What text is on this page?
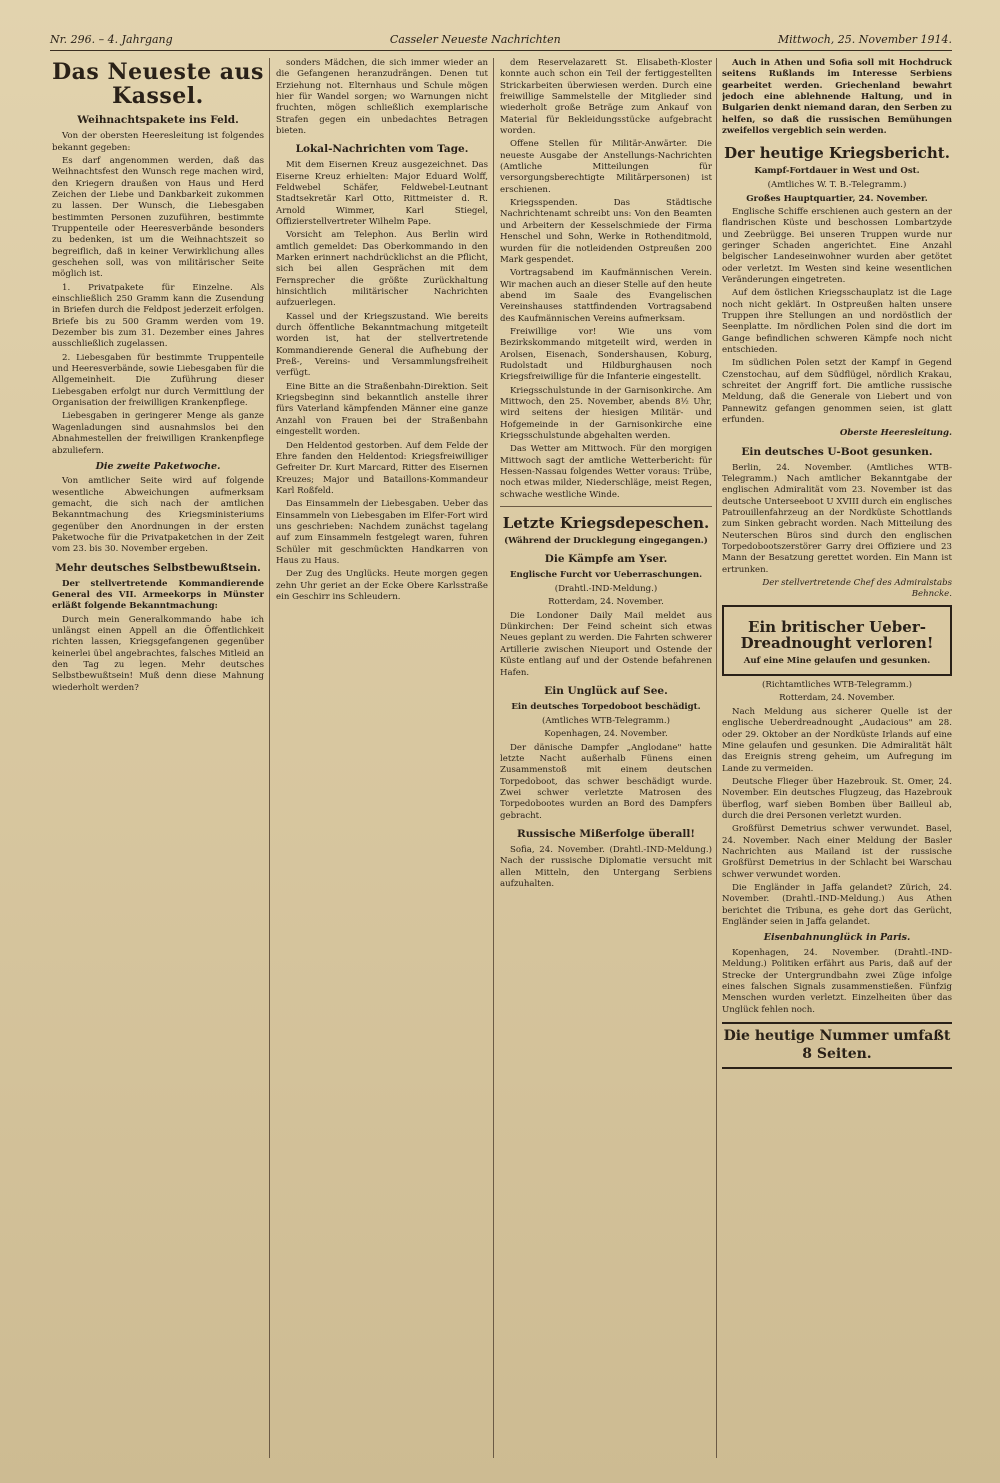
Nr. 296. – 4. Jahrgang	Casseler Neueste Nachrichten	Mittwoch, 25. November 1914.
Das Neueste aus Kassel.
Weihnachtspakete ins Feld.

Von der obersten Heeresleitung ist folgendes bekannt gegeben:

Es darf angenommen werden, daß das Weihnachtsfest den Wunsch rege machen wird, den Kriegern draußen von Haus und Herd Zeichen der Liebe und Dankbarkeit zukommen zu lassen. Der Wunsch, die Liebesgaben bestimmten Personen zuzuführen, bestimmte Truppenteile oder Heeresverbände besonders zu bedenken, ist um die Weihnachtszeit so begreiflich, daß in keiner Verwirklichung alles geschehen soll, was von militärischer Seite möglich ist.

1. Privatpakete für Einzelne. Als einschließlich 250 Gramm kann die Zusendung in Briefen durch die Feldpost jederzeit erfolgen. Briefe bis zu 500 Gramm werden vom 19. Dezember bis zum 31. Dezember eines Jahres ausschließlich zugelassen.

2. Liebesgaben für bestimmte Truppenteile und Heeresverbände, sowie Liebesgaben für die Allgemeinheit. Die Zuführung dieser Liebesgaben erfolgt nur durch Vermittlung der Organisation der freiwilligen Krankenpflege.

Liebesgaben in geringerer Menge als ganze Wagenladungen sind ausnahmslos bei den Abnahmestellen der freiwilligen Krankenpflege abzuliefern.

Die zweite Paketwoche.

Von amtlicher Seite wird auf folgende wesentliche Abweichungen aufmerksam gemacht, die sich nach der amtlichen Bekanntmachung des Kriegsministeriums gegenüber den Anordnungen in der ersten Paketwoche für die Privatpaketchen in der Zeit vom 23. bis 30. November ergeben.

Mehr deutsches Selbstbewußtsein.

Der stellvertretende Kommandierende General des VII. Armeekorps in Münster erläßt folgende Bekanntmachung:

Durch mein Generalkommando habe ich unlängst einen Appell an die Öffentlichkeit richten lassen, Kriegsgefangenen gegenüber keinerlei übel angebrachtes, falsches Mitleid an den Tag zu legen. Mehr deutsches Selbstbewußtsein! Muß denn diese Mahnung wiederholt werden?

sonders Mädchen, die sich immer wieder an die Gefangenen heranzudrängen. Denen tut Erziehung not. Elternhaus und Schule mögen hier für Wandel sorgen; wo Warnungen nicht fruchten, mögen schließlich exemplarische Strafen gegen ein unbedachtes Betragen bieten.

Lokal-Nachrichten vom Tage.

Mit dem Eisernen Kreuz ausgezeichnet. Das Eiserne Kreuz erhielten: Major Eduard Wolff, Feldwebel Schäfer, Feldwebel-Leutnant Stadtsekretär Karl Otto, Rittmeister d. R. Arnold Wimmer, Karl Stiegel, Offizierstellvertreter Wilhelm Pape.

Vorsicht am Telephon. Aus Berlin wird amtlich gemeldet: Das Oberkommando in den Marken erinnert nachdrücklichst an die Pflicht, sich bei allen Gesprächen mit dem Fernsprecher die größte Zurückhaltung hinsichtlich militärischer Nachrichten aufzuerlegen.

Kassel und der Kriegszustand. Wie bereits durch öffentliche Bekanntmachung mitgeteilt worden ist, hat der stellvertretende Kommandierende General die Aufhebung der Preß-, Vereins- und Versammlungsfreiheit verfügt.

Eine Bitte an die Straßenbahn-Direktion. Seit Kriegsbeginn sind bekanntlich anstelle ihrer fürs Vaterland kämpfenden Männer eine ganze Anzahl von Frauen bei der Straßenbahn eingestellt worden.

Den Heldentod gestorben. Auf dem Felde der Ehre fanden den Heldentod: Kriegsfreiwilliger Gefreiter Dr. Kurt Marcard, Ritter des Eisernen Kreuzes; Major und Bataillons-Kommandeur Karl Roßfeld.

Das Einsammeln der Liebesgaben. Ueber das Einsammeln von Liebesgaben im Elfer-Fort wird uns geschrieben: Nachdem zunächst tagelang auf zum Einsammeln festgelegt waren, fuhren Schüler mit geschmückten Handkarren von Haus zu Haus.

Der Zug des Unglücks. Heute morgen gegen zehn Uhr geriet an der Ecke Obere Karlsstraße ein Geschirr ins Schleudern.

dem Reservelazarett St. Elisabeth-Kloster konnte auch schon ein Teil der fertiggestellten Strickarbeiten überwiesen werden. Durch eine freiwillige Sammelstelle der Mitglieder sind wiederholt große Beträge zum Ankauf von Material für Bekleidungsstücke aufgebracht worden.

Offene Stellen für Militär-Anwärter. Die neueste Ausgabe der Anstellungs-Nachrichten (Amtliche Mitteilungen für versorgungsberechtigte Militärpersonen) ist erschienen.

Kriegsspenden. Das Städtische Nachrichtenamt schreibt uns: Von den Beamten und Arbeitern der Kesselschmiede der Firma Henschel und Sohn, Werke in Rothenditmold, wurden für die notleidenden Ostpreußen 200 Mark gespendet.

Vortragsabend im Kaufmännischen Verein. Wir machen auch an dieser Stelle auf den heute abend im Saale des Evangelischen Vereinshauses stattfindenden Vortragsabend des Kaufmännischen Vereins aufmerksam.

Freiwillige vor! Wie uns vom Bezirkskommando mitgeteilt wird, werden in Arolsen, Eisenach, Sondershausen, Koburg, Rudolstadt und Hildburghausen noch Kriegsfreiwillige für die Infanterie eingestellt.

Kriegsschulstunde in der Garnisonkirche. Am Mittwoch, den 25. November, abends 8½ Uhr, wird seitens der hiesigen Militär- und Hofgemeinde in der Garnisonkirche eine Kriegsschulstunde abgehalten werden.

Das Wetter am Mittwoch. Für den morgigen Mittwoch sagt der amtliche Wetterbericht: für Hessen-Nassau folgendes Wetter voraus: Trübe, noch etwas milder, Niederschläge, meist Regen, schwache westliche Winde.

Letzte Kriegsdepeschen.
(Während der Drucklegung eingegangen.)
Die Kämpfe am Yser.
Englische Furcht vor Ueberraschungen.
(Drahtl.-IND-Meldung.)
Rotterdam, 24. November.

Die Londoner Daily Mail meldet aus Dünkirchen: Der Feind scheint sich etwas Neues geplant zu werden. Die Fahrten schwerer Artillerie zwischen Nieuport und Ostende der Küste entlang auf und der Ostende befahrenen Hafen.

Ein Unglück auf See.
Ein deutsches Torpedoboot beschädigt.
(Amtliches WTB-Telegramm.)
Kopenhagen, 24. November.

Der dänische Dampfer „Anglodane" hatte letzte Nacht außerhalb Fünens einen Zusammenstoß mit einem deutschen Torpedoboot, das schwer beschädigt wurde. Zwei schwer verletzte Matrosen des Torpedobootes wurden an Bord des Dampfers gebracht.

Russische Mißerfolge überall!

Sofia, 24. November. (Drahtl.-IND-Meldung.) Nach der russische Diplomatie versucht mit allen Mitteln, den Untergang Serbiens aufzuhalten.

Auch in Athen und Sofia soll mit Hochdruck seitens Rußlands im Interesse Serbiens gearbeitet werden. Griechenland bewahrt jedoch eine ablehnende Haltung, und in Bulgarien denkt niemand daran, den Serben zu helfen, so daß die russischen Bemühungen zweifellos vergeblich sein werden.

Der heutige Kriegsbericht.
Kampf-Fortdauer in West und Ost.
(Amtliches W. T. B.-Telegramm.)
Großes Hauptquartier, 24. November.

Englische Schiffe erschienen auch gestern an der flandrischen Küste und beschossen Lombartzyde und Zeebrügge. Bei unseren Truppen wurde nur geringer Schaden angerichtet. Eine Anzahl belgischer Landeseinwohner wurden aber getötet oder verletzt. Im Westen sind keine wesentlichen Veränderungen eingetreten.

Auf dem östlichen Kriegsschauplatz ist die Lage noch nicht geklärt. In Ostpreußen halten unsere Truppen ihre Stellungen an und nordöstlich der Seenplatte. Im nördlichen Polen sind die dort im Gange befindlichen schweren Kämpfe noch nicht entschieden.

Im südlichen Polen setzt der Kampf in Gegend Czenstochau, auf dem Südflügel, nördlich Krakau, schreitet der Angriff fort. Die amtliche russische Meldung, daß die Generale von Liebert und von Pannewitz gefangen genommen seien, ist glatt erfunden.

Oberste Heeresleitung.
Ein deutsches U-Boot gesunken.

Berlin, 24. November. (Amtliches WTB-Telegramm.) Nach amtlicher Bekanntgabe der englischen Admiralität vom 23. November ist das deutsche Unterseeboot U XVIII durch ein englisches Patrouillenfahrzeug an der Nordküste Schottlands zum Sinken gebracht worden. Nach Mitteilung des Neuterschen Büros sind durch den englischen Torpedobootszerstörer Garry drei Offiziere und 23 Mann der Besatzung gerettet worden. Ein Mann ist ertrunken.

Der stellvertretende Chef des Admiralstabs Behncke.
Ein britischer Ueber-Dreadnought verloren!
Auf eine Mine gelaufen und gesunken.
(Richtamtliches WTB-Telegramm.)
Rotterdam, 24. November.

Nach Meldung aus sicherer Quelle ist der englische Ueberdreadnought „Audacious" am 28. oder 29. Oktober an der Nordküste Irlands auf eine Mine gelaufen und gesunken. Die Admiralität hält das Ereignis streng geheim, um Aufregung im Lande zu vermeiden.

Deutsche Flieger über Hazebrouk. St. Omer, 24. November. Ein deutsches Flugzeug, das Hazebrouk überflog, warf sieben Bomben über Bailleul ab, durch die drei Personen verletzt wurden.

Großfürst Demetrius schwer verwundet. Basel, 24. November. Nach einer Meldung der Basler Nachrichten aus Mailand ist der russische Großfürst Demetrius in der Schlacht bei Warschau schwer verwundet worden.

Die Engländer in Jaffa gelandet? Zürich, 24. November. (Drahtl.-IND-Meldung.) Aus Athen berichtet die Tribuna, es gehe dort das Gerücht, Engländer seien in Jaffa gelandet.

Eisenbahnunglück in Paris.

Kopenhagen, 24. November. (Drahtl.-IND-Meldung.) Politiken erfährt aus Paris, daß auf der Strecke der Untergrundbahn zwei Züge infolge eines falschen Signals zusammenstießen. Fünfzig Menschen wurden verletzt. Einzelheiten über das Unglück fehlen noch.

Die heutige Nummer umfaßt 8 Seiten.
